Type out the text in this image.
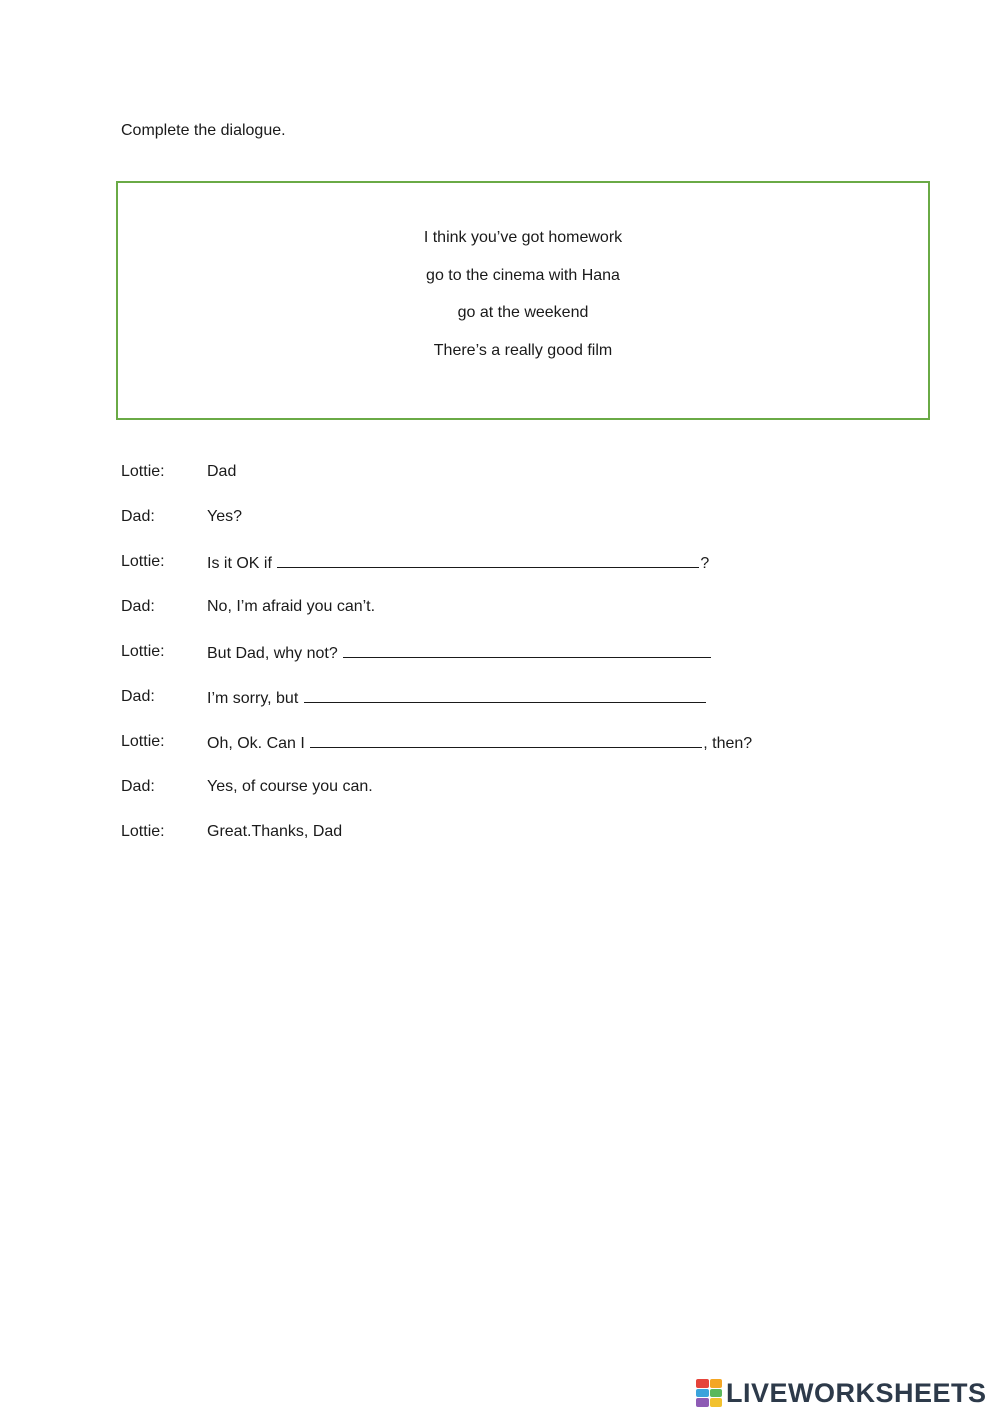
Complete the dialogue.
I think you’ve got homework
go to the cinema with Hana
go at the weekend
There’s a really good film
Lottie:	Dad
Dad:	Yes?
Lottie:	Is it OK if	?
Dad:	No, I’m afraid you can’t.
Lottie:	But Dad, why not?
Dad:	I’m sorry, but
Lottie:	Oh, Ok. Can I	, then?
Dad:	Yes, of course you can.
Lottie:	Great.Thanks, Dad
LIVEWORKSHEETS
